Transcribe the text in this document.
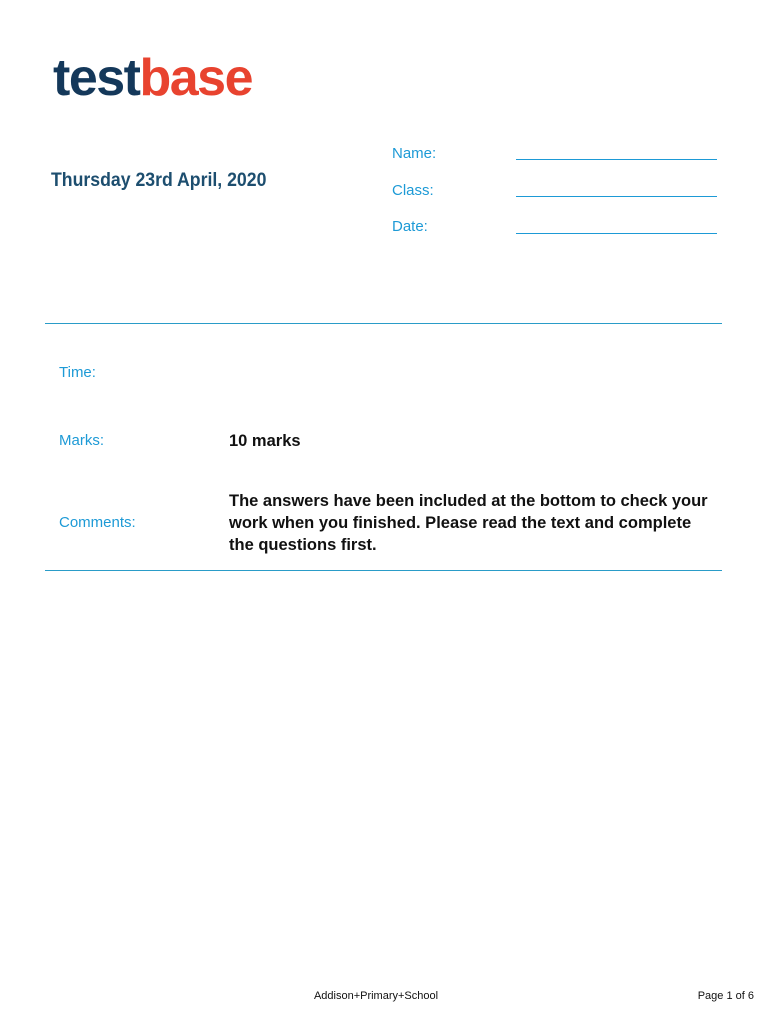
testbase
Thursday 23rd April, 2020
Name:
Class:
Date:
Time:
Marks:	10 marks
Comments:
The answers have been included at the bottom to check your work when you finished. Please read the text and complete the questions first.
Addison+Primary+School	Page 1 of 6
